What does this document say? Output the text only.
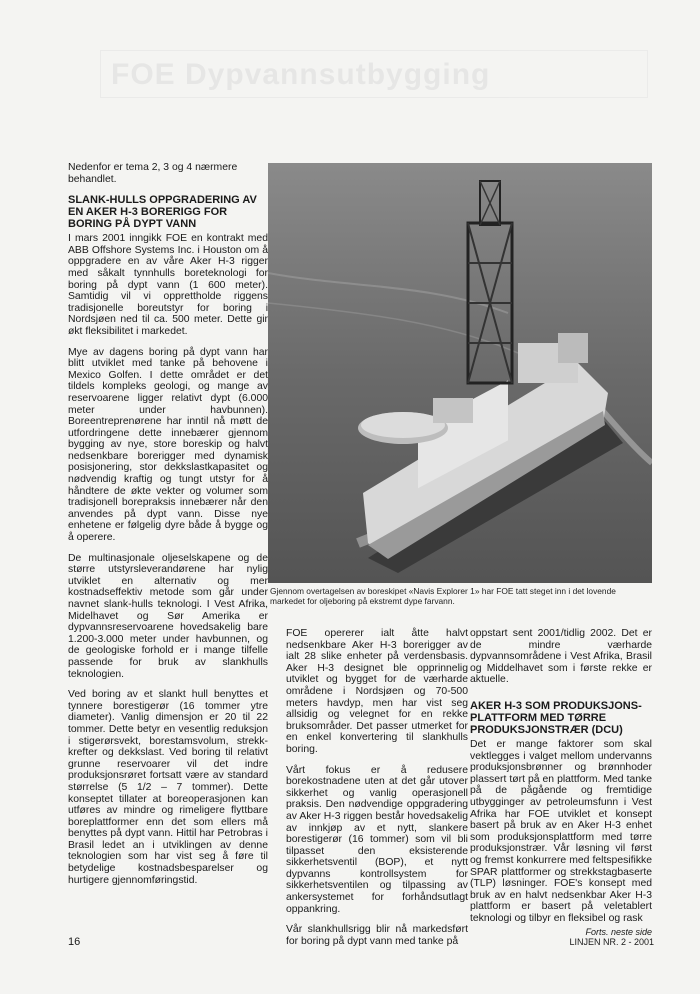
FOE Dypvannsutbygging

Nedenfor er tema 2, 3 og 4 nærmere behandlet.

SLANK-HULLS OPPGRADERING AV EN AKER H-3 BORERIGG FOR BORING PÅ DYPT VANN

I mars 2001 inngikk FOE en kontrakt med ABB Offshore Systems Inc. i Houston om å oppgradere en av våre Aker H-3 rigger med såkalt tynnhulls boreteknologi for boring på dypt vann (1 600 meter). Samtidig vil vi opprettholde riggens tradisjonelle boreutstyr for boring i Nordsjøen ned til ca. 500 meter. Dette gir økt fleksibilitet i markedet.

Mye av dagens boring på dypt vann har blitt utviklet med tanke på behovene i Mexico Golfen. I dette området er det tildels kompleks geologi, og mange av reservoarene ligger relativt dypt (6.000 meter under havbunnen). Boreentreprenørene har inntil nå møtt de utfordringene dette innebærer gjennom bygging av nye, store boreskip og halvt nedsenkbare borerigger med dynamisk posisjonering, stor dekkslastkapasitet og nødvendig kraftig og tungt utstyr for å håndtere de økte vekter og volumer som tradisjonell borepraksis innebærer når den anvendes på dypt vann. Disse nye enhetene er følgelig dyre både å bygge og å operere.

De multinasjonale oljeselskapene og de større utstyrsleverandørene har nylig utviklet en alternativ og mer kostnadseffektiv metode som går under navnet slank-hulls teknologi. I Vest Afrika, Midelhavet og Sør Amerika er dypvannsreservoarene hovedsakelig bare 1.200-3.000 meter under havbunnen, og de geologiske forhold er i mange tilfelle passende for bruk av slankhulls teknologien.

Ved boring av et slankt hull benyttes et tynnere borestigerør (16 tommer ytre diameter). Vanlig dimensjon er 20 til 22 tommer. Dette betyr en vesentlig reduksjon i stigerørsvekt, borestamsvolum, strekk-krefter og dekkslast. Ved boring til relativt grunne reservoarer vil det indre produksjonsrøret fortsatt være av standard størrelse (5 1/2 – 7 tommer). Dette konseptet tillater at boreoperasjonen kan utføres av mindre og rimeligere flyttbare boreplattformer enn det som ellers må benyttes på dypt vann. Hittil har Petrobras i Brasil ledet an i utviklingen av denne teknologien som har vist seg å føre til betydelige kostnadsbesparelser og hurtigere gjennomføringstid.

Gjennom overtagelsen av boreskipet «Navis Explorer 1» har FOE tatt steget inn i det lovende markedet for oljeboring på ekstremt dype farvann.

FOE opererer ialt åtte halvt nedsenkbare Aker H-3 borerigger av ialt 28 slike enheter på verdensbasis. Aker H-3 designet ble opprinnelig utviklet og bygget for de værharde områdene i Nordsjøen og 70-500 meters havdyp, men har vist seg allsidig og velegnet for en rekke bruksområder. Det passer utmerket for en enkel konvertering til slankhulls boring.

Vårt fokus er å redusere borekostnadene uten at det går utover sikkerhet og vanlig operasjonell praksis. Den nødvendige oppgradering av Aker H-3 riggen består hovedsakelig av innkjøp av et nytt, slankere borestigerør (16 tommer) som vil bli tilpasset den eksisterende sikkerhetsventil (BOP), et nytt dypvanns kontrollsystem for sikkerhetsventilen og tilpassing av ankersystemet for forhåndsutlagt oppankring.

Vår slankhullsrigg blir nå markedsført for boring på dypt vann med tanke på

oppstart sent 2001/tidlig 2002. Det er de mindre værharde dypvannsområdene i Vest Afrika, Brasil og Middelhavet som i første rekke er aktuelle.

AKER H-3 SOM PRODUKSJONS-PLATTFORM MED TØRRE PRODUKSJONSTRÆR (DCU)

Det er mange faktorer som skal vektlegges i valget mellom undervanns produksjonsbrønner og brønnhoder plassert tørt på en plattform. Med tanke på de pågående og fremtidige utbygginger av petroleumsfunn i Vest Afrika har FOE utviklet et konsept basert på bruk av en Aker H-3 enhet som produksjonsplattform med tørre produksjonstrær. Vår løsning vil først og fremst konkurrere med feltspesifikke SPAR plattformer og strekkstagbaserte (TLP) løsninger. FOE's konsept med bruk av en halvt nedsenkbar Aker H-3 plattform er basert på veletablert teknologi og tilbyr en fleksibel og rask

Forts. neste side
16	LINJEN NR. 2 - 2001
